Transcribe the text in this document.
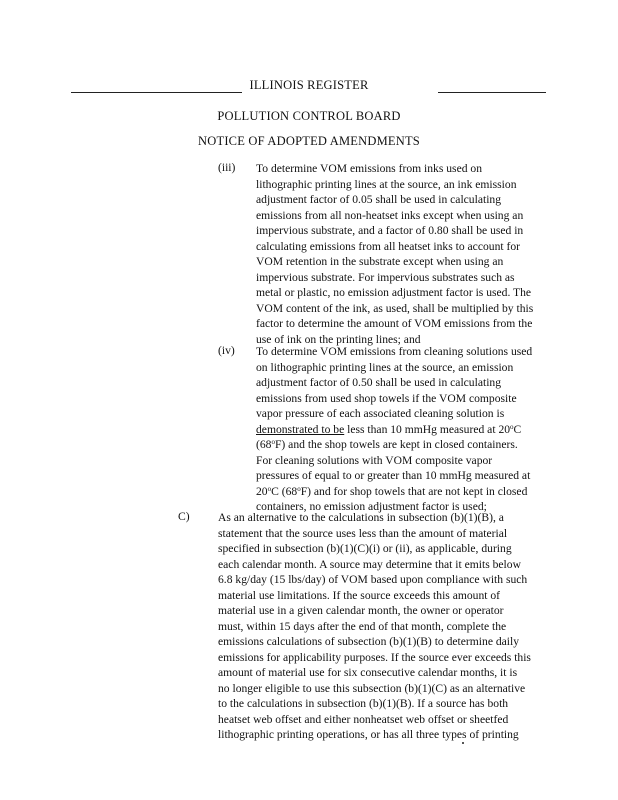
ILLINOIS REGISTER
POLLUTION CONTROL BOARD
NOTICE OF ADOPTED AMENDMENTS
(iii) To determine VOM emissions from inks used on

lithographic printing lines at the source, an ink emission

adjustment factor of 0.05 shall be used in calculating

emissions from all non-heatset inks except when using an

impervious substrate, and a factor of 0.80 shall be used in

calculating emissions from all heatset inks to account for

VOM retention in the substrate except when using an

impervious substrate. For impervious substrates such as

metal or plastic, no emission adjustment factor is used. The

VOM content of the ink, as used, shall be multiplied by this

factor to determine the amount of VOM emissions from the

use of ink on the printing lines; and

(iv) To determine VOM emissions from cleaning solutions used

on lithographic printing lines at the source, an emission

adjustment factor of 0.50 shall be used in calculating

emissions from used shop towels if the VOM composite

vapor pressure of each associated cleaning solution is

demonstrated to be less than 10 mmHg measured at 20$^o$C

(68$^o$F) and the shop towels are kept in closed containers.

For cleaning solutions with VOM composite vapor

pressures of equal to or greater than 10 mmHg measured at

20$^o$C (68$^o$F) and for shop towels that are not kept in closed

containers, no emission adjustment factor is used;

C) As an alternative to the calculations in subsection (b)(1)(B), a

statement that the source uses less than the amount of material

specified in subsection (b)(1)(C)(i) or (ii), as applicable, during

each calendar month. A source may determine that it emits below

6.8 kg/day (15 lbs/day) of VOM based upon compliance with such

material use limitations. If the source exceeds this amount of

material use in a given calendar month, the owner or operator

must, within 15 days after the end of that month, complete the

emissions calculations of subsection (b)(1)(B) to determine daily

emissions for applicability purposes. If the source ever exceeds this

amount of material use for six consecutive calendar months, it is

no longer eligible to use this subsection (b)(1)(C) as an alternative

to the calculations in subsection (b)(1)(B). If a source has both

heatset web offset and either nonheatset web offset or sheetfed

lithographic printing operations, or has all three types of printing
